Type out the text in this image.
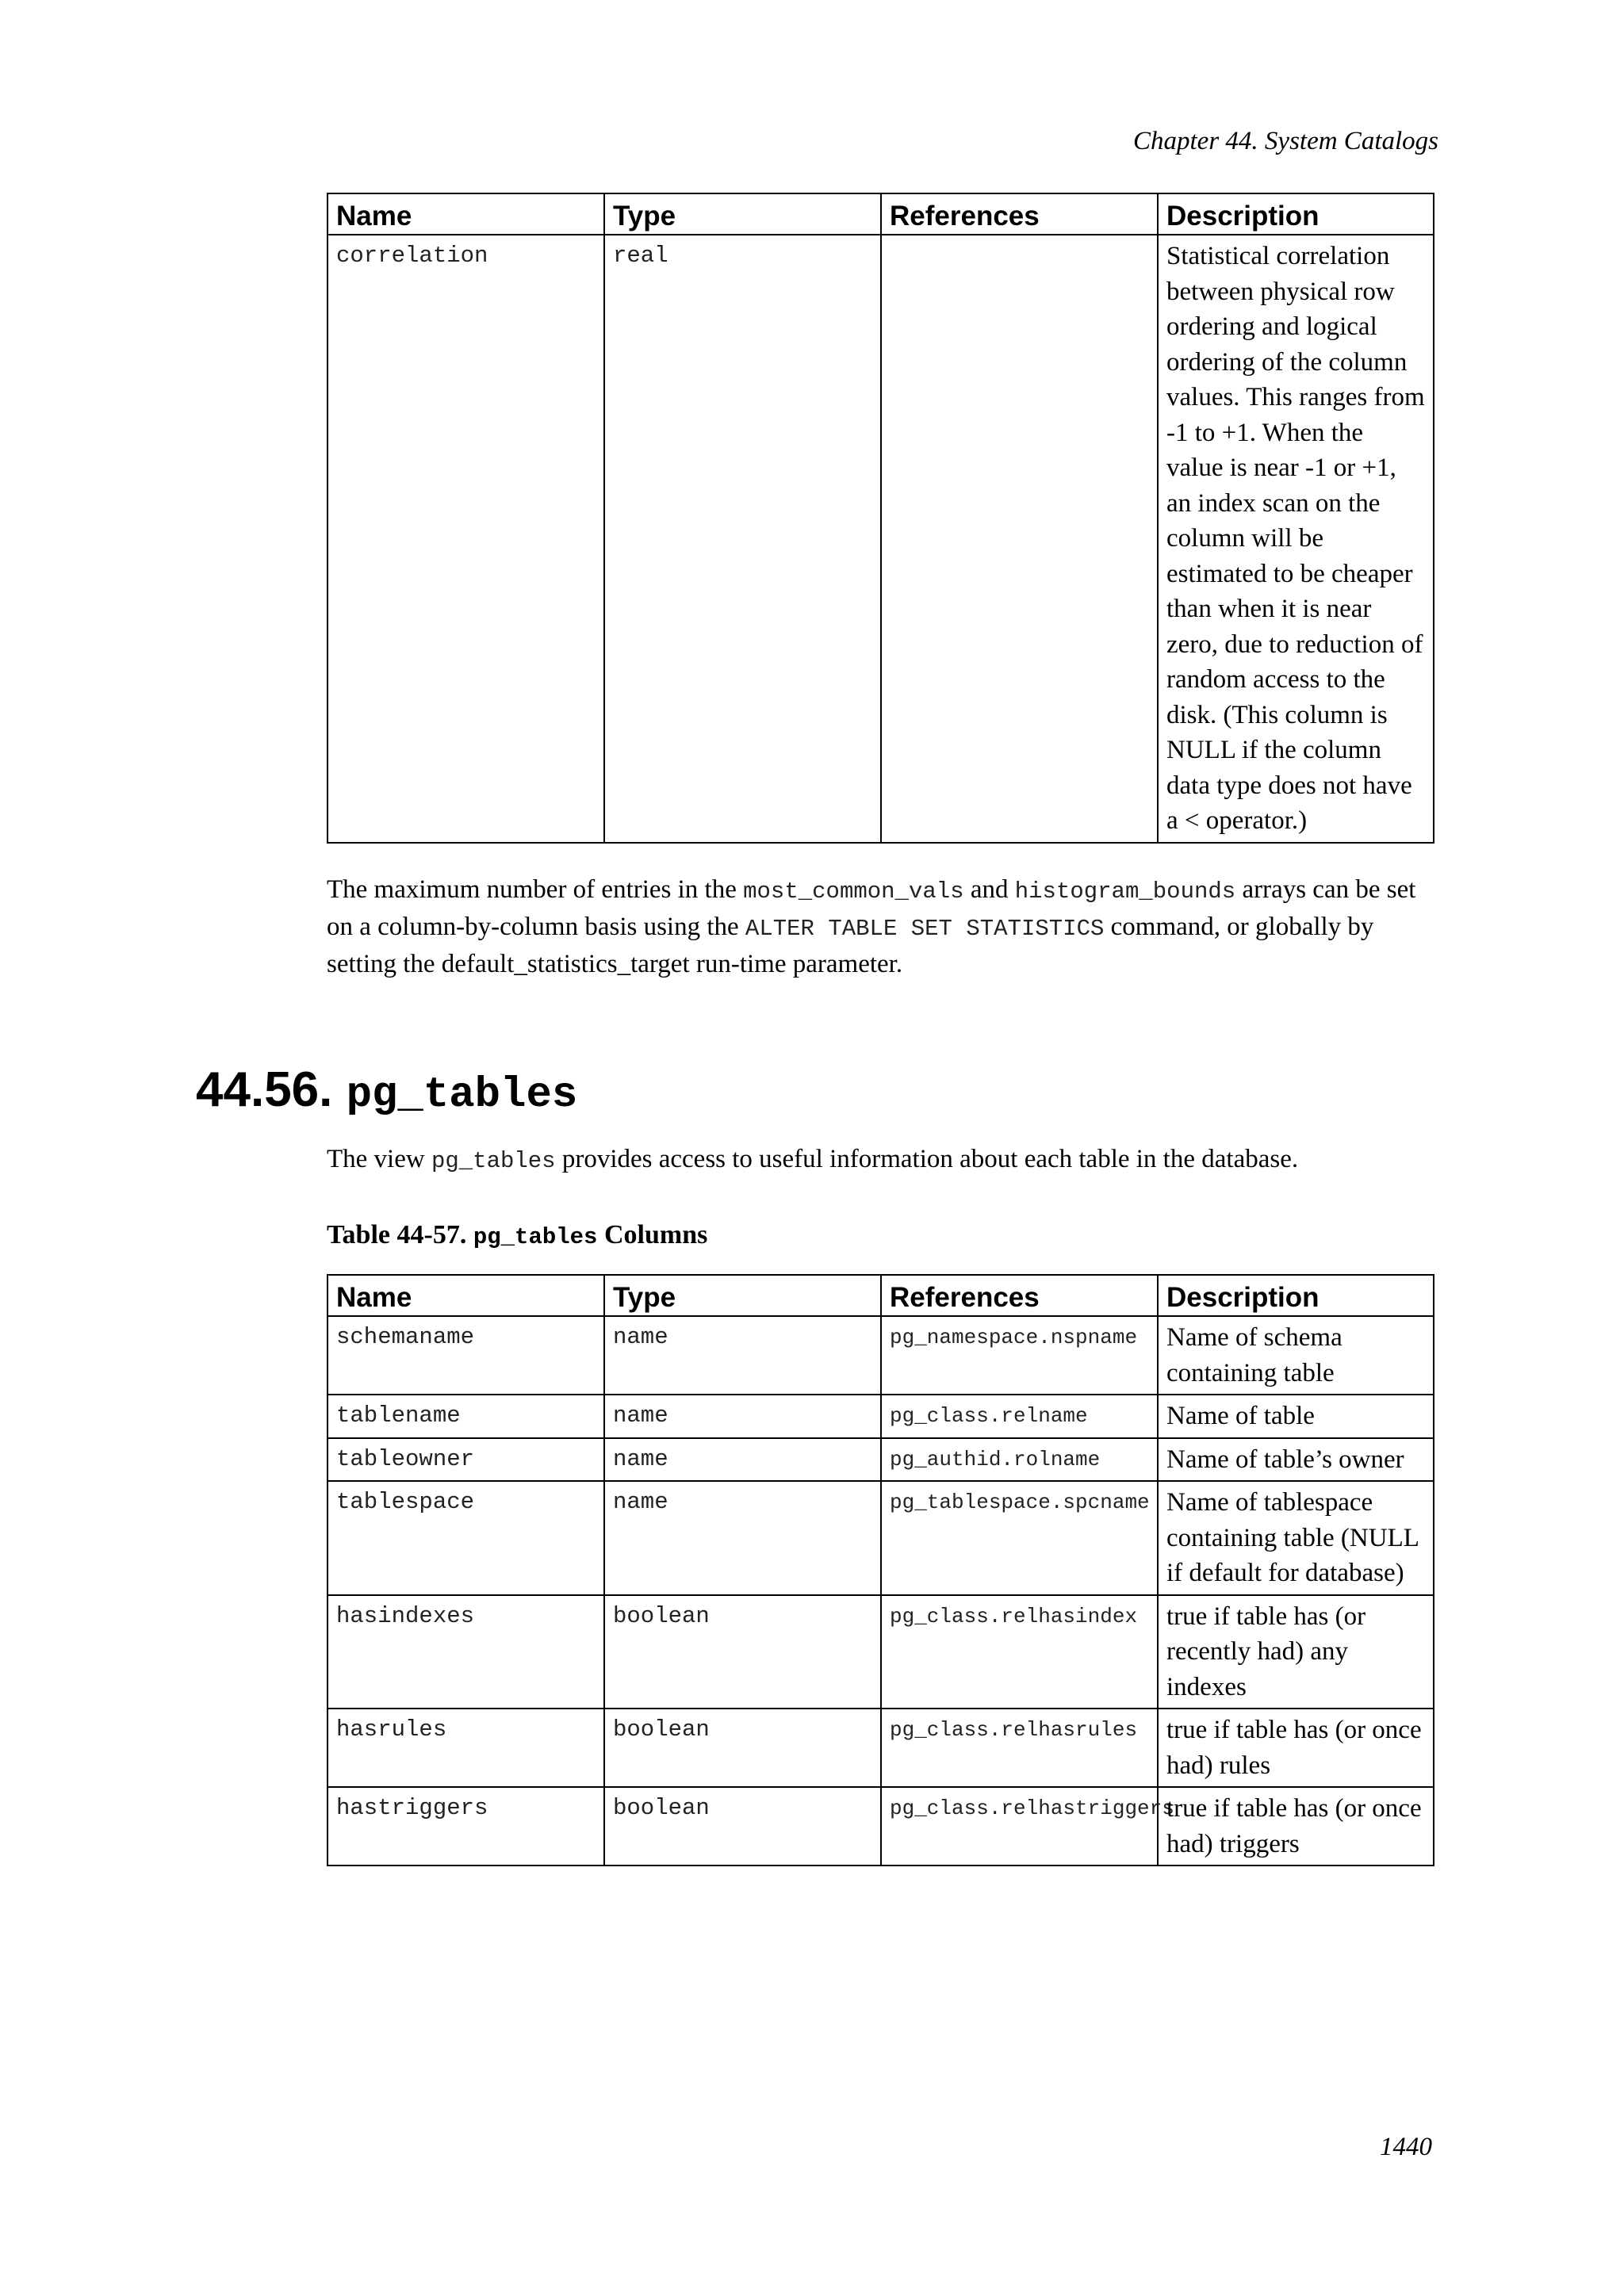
Chapter 44. System Catalogs
Name	Type	References	Description
correlation	real		Statistical correlation between physical row ordering and logical ordering of the column values. This ranges from -1 to +1. When the value is near -1 or +1, an index scan on the column will be estimated to be cheaper than when it is near zero, due to reduction of random access to the disk. (This column is NULL if the column data type does not have a < operator.)

The maximum number of entries in the most_common_vals and histogram_bounds arrays can be set on a column-by-column basis using the ALTER TABLE SET STATISTICS command, or globally by setting the default_statistics_target run-time parameter.

44.56. pg_tables

The view pg_tables provides access to useful information about each table in the database.

Table 44-57. pg_tables Columns
Name	Type	References	Description
schemaname	name	pg_namespace.nspname	Name of schema containing table
tablename	name	pg_class.relname	Name of table
tableowner	name	pg_authid.rolname	Name of table’s owner
tablespace	name	pg_tablespace.spcname	Name of tablespace containing table (NULL if default for database)
hasindexes	boolean	pg_class.relhasindex	true if table has (or recently had) any indexes
hasrules	boolean	pg_class.relhasrules	true if table has (or once had) rules
hastriggers	boolean	pg_class.relhastriggers	true if table has (or once had) triggers
1440
